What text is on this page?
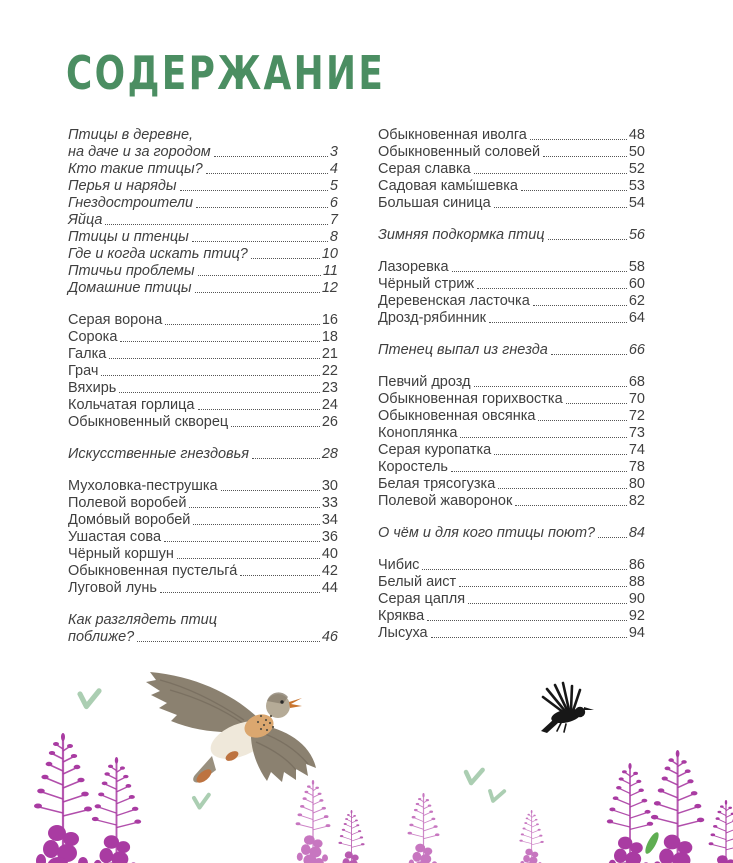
СОДЕРЖАНИЕ
Птицы в деревне,
на даче и за городом	3
Кто такие птицы?	4
Перья и наряды	5
Гнездостроители	6
Яйца	7
Птицы и птенцы	8
Где и когда искать птиц?	10
Птичьи проблемы	11
Домашние птицы	12
Серая ворона	16
Сорока	18
Галка	21
Грач	22
Вяхирь	23
Кольчатая горлица	24
Обыкновенный скворец	26
Искусственные гнездовья	28
Мухоловка-пеструшка	30
Полевой воробей	33
Домо́вый воробей	34
Ушастая сова	36
Чёрный коршун	40
Обыкновенная пустельга́	42
Луговой лунь	44
Как разглядеть птиц
поближе?	46
Обыкновенная иволга	48
Обыкновенный соловей	50
Серая славка	52
Садовая камы́шевка	53
Большая синица	54
Зимняя подкормка птиц	56
Лазоревка	58
Чёрный стриж	60
Деревенская ласточка	62
Дрозд-рябинник	64
Птенец выпал из гнезда	66
Певчий дрозд	68
Обыкновенная горихвостка	70
Обыкновенная овсянка	72
Коноплянка	73
Серая куропатка	74
Коростель	78
Белая трясогузка	80
Полевой жаворонок	82
О чём и для кого птицы поют? 84
Чибис	86
Белый аист	88
Серая цапля	90
Кряква	92
Лысуха	94
